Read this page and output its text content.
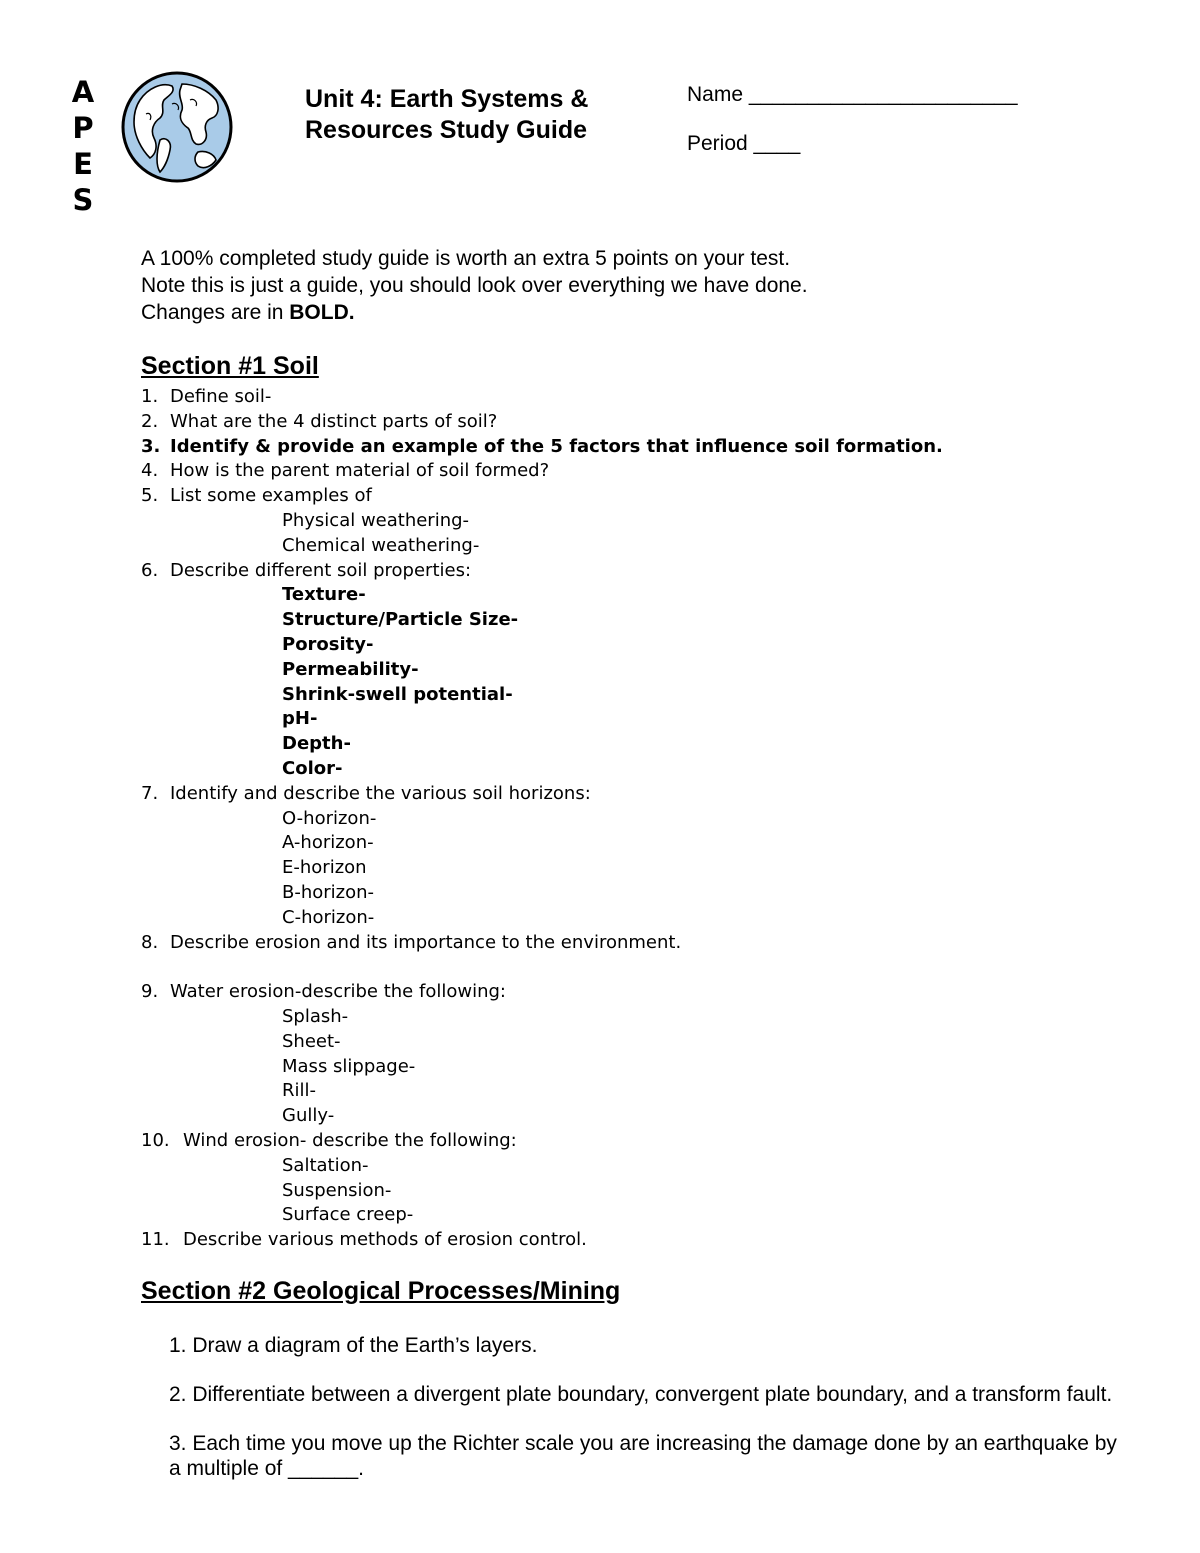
A
P
E
S
Unit 4: Earth Systems &
Resources Study Guide
Name _______________________
Period ____
A 100% completed study guide is worth an extra 5 points on your test.
Note this is just a guide, you should look over everything we have done.
Changes are in BOLD.
Section #1 Soil
1. Define soil-
2. What are the 4 distinct parts of soil?
3. Identify & provide an example of the 5 factors that influence soil formation.
4. How is the parent material of soil formed?
5. List some examples of
Physical weathering-
Chemical weathering-
6. Describe different soil properties:
Texture-
Structure/Particle Size-
Porosity-
Permeability-
Shrink-swell potential-
pH-
Depth-
Color-
7. Identify and describe the various soil horizons:
O-horizon-
A-horizon-
E-horizon
B-horizon-
C-horizon-
8. Describe erosion and its importance to the environment.
9. Water erosion-describe the following:
Splash-
Sheet-
Mass slippage-
Rill-
Gully-
10. Wind erosion- describe the following:
Saltation-
Suspension-
Surface creep-
11. Describe various methods of erosion control.
Section #2 Geological Processes/Mining

1. Draw a diagram of the Earth’s layers.

2. Differentiate between a divergent plate boundary, convergent plate boundary, and a transform fault.

3. Each time you move up the Richter scale you are increasing the damage done by an earthquake by a multiple of ______.
